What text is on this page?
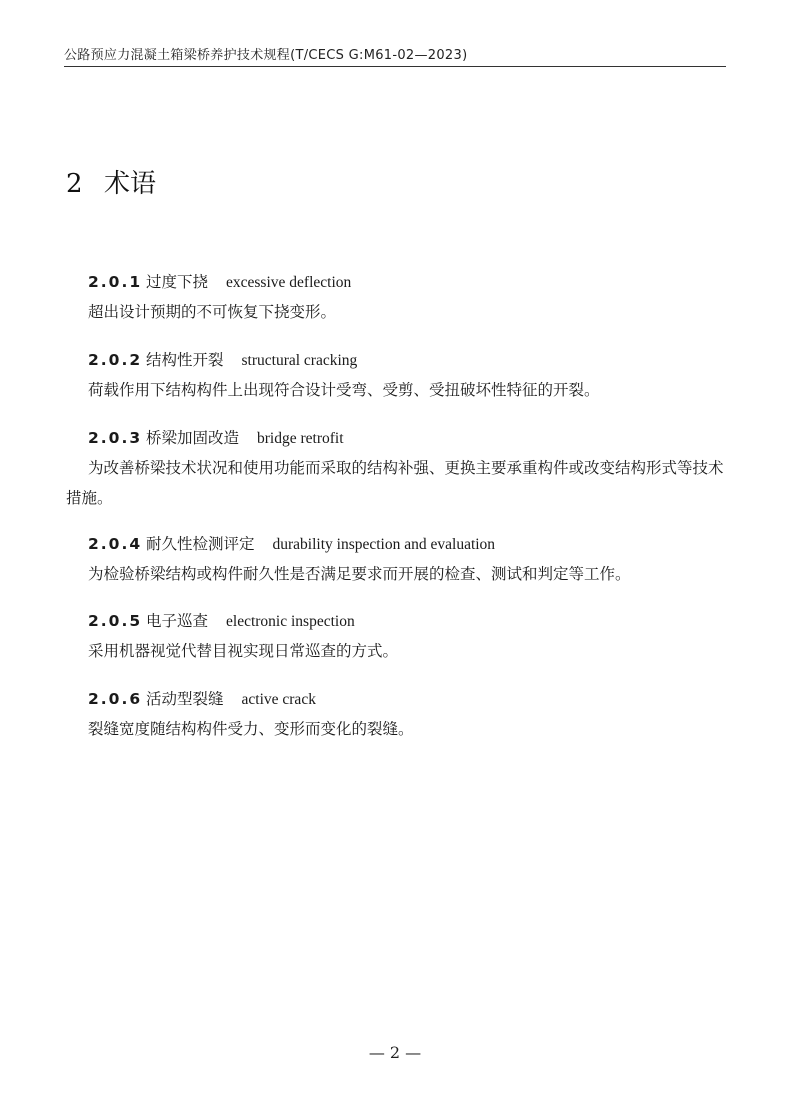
公路预应力混凝土箱梁桥养护技术规程(T/CECS G:M61-02—2023)
2 术语
2.0.1 过度下挠 excessive deflection
超出设计预期的不可恢复下挠变形。
2.0.2 结构性开裂 structural cracking
荷载作用下结构构件上出现符合设计受弯、受剪、受扭破坏性特征的开裂。
2.0.3 桥梁加固改造 bridge retrofit
为改善桥梁技术状况和使用功能而采取的结构补强、更换主要承重构件或改变结构形式等技术措施。
2.0.4 耐久性检测评定 durability inspection and evaluation
为检验桥梁结构或构件耐久性是否满足要求而开展的检查、测试和判定等工作。
2.0.5 电子巡查 electronic inspection
采用机器视觉代替目视实现日常巡查的方式。
2.0.6 活动型裂缝 active crack
裂缝宽度随结构构件受力、变形而变化的裂缝。
— 2 —
